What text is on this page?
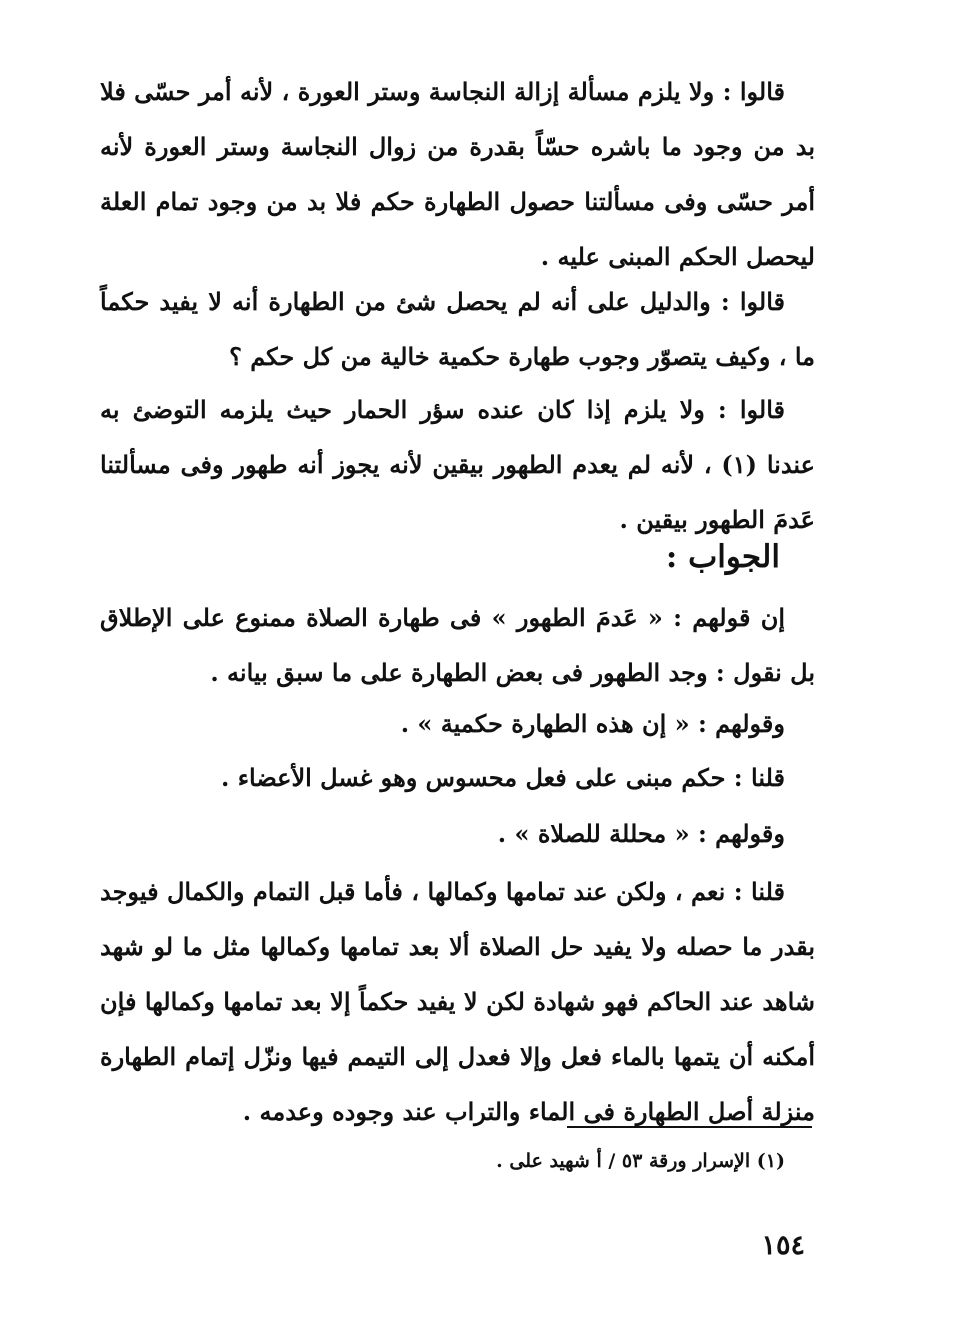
قالوا : ولا يلزم مسألة إزالة النجاسة وستر العورة ، لأنه أمر حسّى فلا بد من وجود ما باشره حسّاً بقدرة من زوال النجاسة وستر العورة لأنه أمر حسّى وفى مسألتنا حصول الطهارة حكم فلا بد من وجود تمام العلة ليحصل الحكم المبنى عليه .
قالوا : والدليل على أنه لم يحصل شئ من الطهارة أنه لا يفيد حكماً ما ، وكيف يتصوّر وجوب طهارة حكمية خالية من كل حكم ؟
قالوا : ولا يلزم إذا كان عنده سؤر الحمار حيث يلزمه التوضئ به عندنا (١) ، لأنه لم يعدم الطهور بيقين لأنه يجوز أنه طهور وفى مسألتنا عَدمَ الطهور بيقين .
الجواب :
إن قولهم : « عَدمَ الطهور » فى طهارة الصلاة ممنوع على الإطلاق بل نقول : وجد الطهور فى بعض الطهارة على ما سبق بيانه .
وقولهم : « إن هذه الطهارة حكمية » .
قلنا : حكم مبنى على فعل محسوس وهو غسل الأعضاء .
وقولهم : « محللة للصلاة » .
قلنا : نعم ، ولكن عند تمامها وكمالها ، فأما قبل التمام والكمال فيوجد بقدر ما حصله ولا يفيد حل الصلاة ألا بعد تمامها وكمالها مثل ما لو شهد شاهد عند الحاكم فهو شهادة لكن لا يفيد حكماً إلا بعد تمامها وكمالها فإن أمكنه أن يتمها بالماء فعل وإلا فعدل إلى التيمم فيها ونزّل إتمام الطهارة منزلة أصل الطهارة فى الماء والتراب عند وجوده وعدمه .
(١) الإسرار ورقة ٥٣ / أ شهيد على .
١٥٤
